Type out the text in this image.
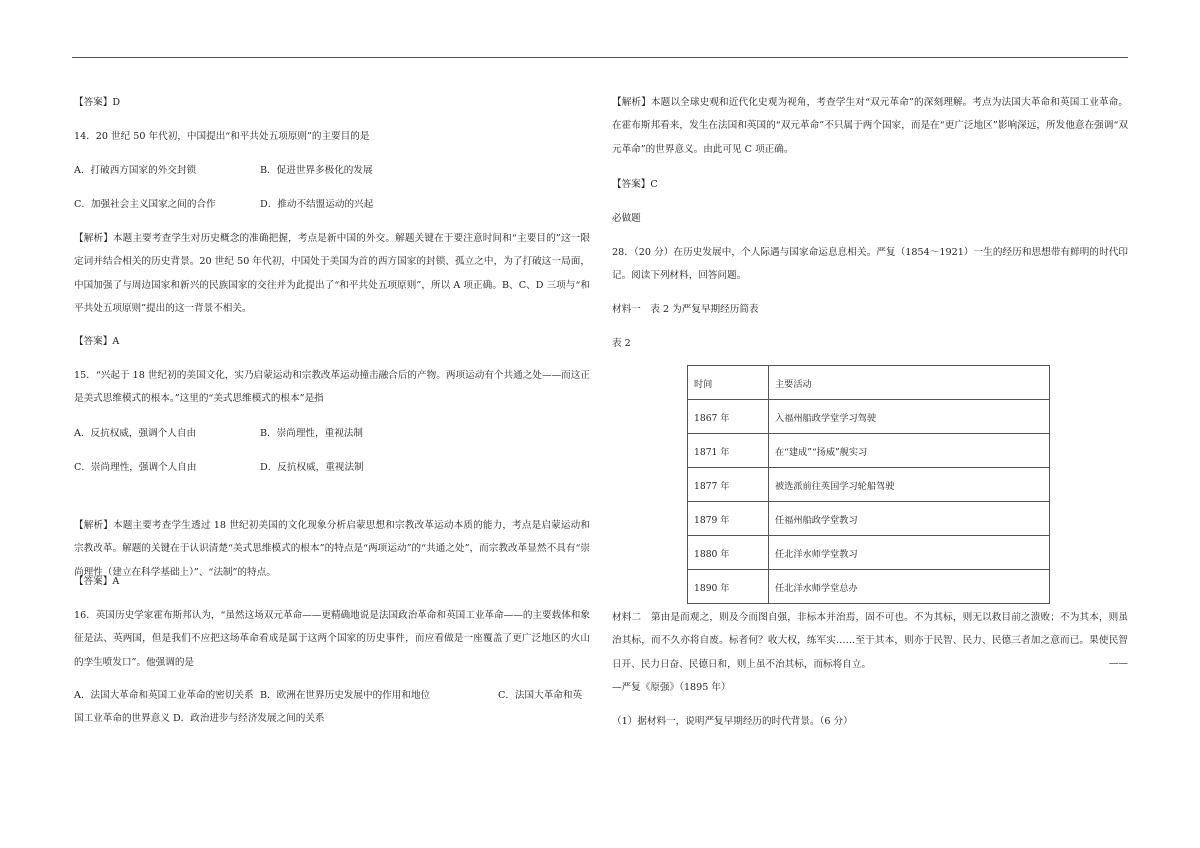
【答案】D
14．20 世纪 50 年代初，中国提出“和平共处五项原则”的主要目的是
A．打破西方国家的外交封锁	B．促进世界多极化的发展
C．加强社会主义国家之间的合作	D．推动不结盟运动的兴起
【解析】本题主要考查学生对历史概念的准确把握，考点是新中国的外交。解题关键在于要注意时间和“主要目的”这一限定词并结合相关的历史背景。20 世纪 50 年代初，中国处于美国为首的西方国家的封锁、孤立之中，为了打破这一局面，中国加强了与周边国家和新兴的民族国家的交往并为此提出了“和平共处五项原则”，所以 A 项正确。B、C、D 三项与“和平共处五项原则”提出的这一背景不相关。
【答案】A
15．“兴起于 18 世纪初的美国文化，实乃启蒙运动和宗教改革运动撞击融合后的产物。两项运动有个共通之处——而这正是美式思维模式的根本。”这里的“美式思维模式的根本”是指
A．反抗权威，强调个人自由	B．崇尚理性，重视法制
C．崇尚理性，强调个人自由	D．反抗权威，重视法制
【解析】本题主要考查学生透过 18 世纪初美国的文化现象分析启蒙思想和宗教改革运动本质的能力，考点是启蒙运动和宗教改革。解题的关键在于认识清楚“美式思维模式的根本”的特点是“两项运动”的“共通之处”，而宗教改革显然不具有“崇尚理性（建立在科学基础上）”、“法制”的特点。
【答案】A
16．英国历史学家霍布斯邦认为，“虽然这场双元革命——更精确地说是法国政治革命和英国工业革命——的主要载体和象征是法、英两国，但是我们不应把这场革命看成是属于这两个国家的历史事件，而应看做是一座覆盖了更广泛地区的火山的孪生喷发口”。他强调的是
A．法国大革命和英国工业革命的密切关系 B．欧洲在世界历史发展中的作用和地位	C．法国大革命和英
国工业革命的世界意义 D．政治进步与经济发展之间的关系
【解析】本题以全球史观和近代化史观为视角，考查学生对“双元革命”的深刻理解。考点为法国大革命和英国工业革命。在霍布斯邦看来，发生在法国和英国的“双元革命”不只属于两个国家，而是在“更广泛地区”影响深远，所发他意在强调“双元革命”的世界意义。由此可见 C 项正确。
【答案】C
必做题
28．（20 分）在历史发展中，个人际遇与国家命运息息相关。严复（1854～1921）一生的经历和思想带有鲜明的时代印记。阅读下列材料，回答问题。
材料一　表 2 为严复早期经历简表
表 2
时间	主要活动
1867 年	入福州船政学堂学习驾驶
1871 年	在“建成”“扬威”舰实习
1877 年	被选派前往英国学习轮船驾驶
1879 年	任福州船政学堂教习
1880 年	任北洋水师学堂教习
1890 年	任北洋水师学堂总办
材料二　第由是而观之，则及今而图自强，非标本并治焉，固不可也。不为其标，则无以救目前之溃败；不为其本，则虽治其标，而不久亦将自废。标者何？收大权，练军实……至于其本，则亦于民智、民力、民德三者加之意而已。果使民智日开、民力日奋、民德日和，则上虽不治其标，而标将自立。	——
—严复《原强》（1895 年）
（1）据材料一，说明严复早期经历的时代背景。（6 分）
